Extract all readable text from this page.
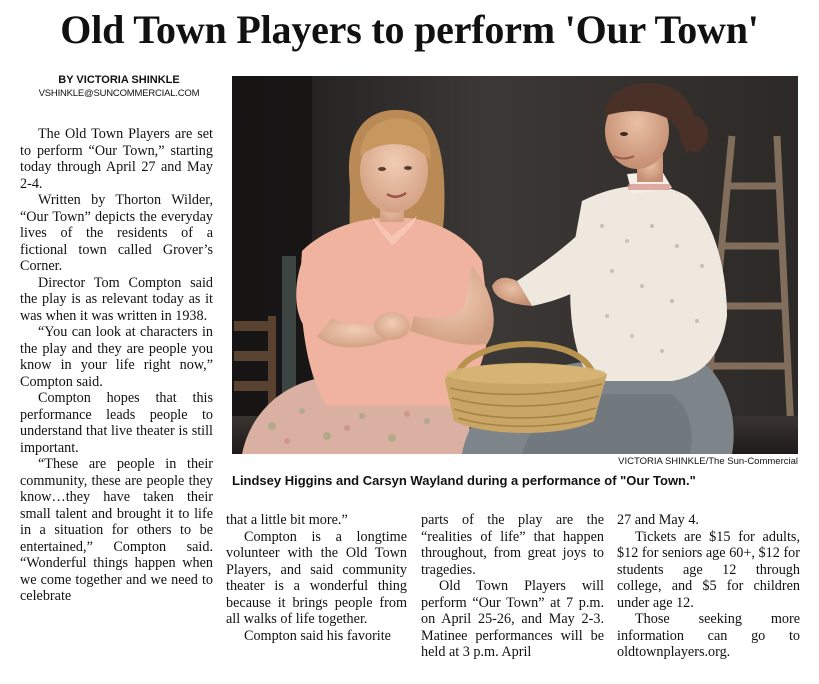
Old Town Players to perform 'Our Town'
BY VICTORIA SHINKLE
VSHINKLE@SUNCOMMERCIAL.COM

The Old Town Players are set to perform “Our Town,” starting today through April 27 and May 2-4.

Written by Thorton Wilder, “Our Town” depicts the everyday lives of the residents of a fictional town called Grover’s Corner.

Director Tom Compton said the play is as relevant today as it was when it was written in 1938.

“You can look at characters in the play and they are people you know in your life right now,” Compton said.

Compton hopes that this performance leads people to understand that live theater is still important.

“These are people in their community, these are people they know…they have taken their small talent and brought it to life in a situation for others to be entertained,” Compton said. “Wonderful things happen when we come together and we need to celebrate

VICTORIA SHINKLE/The Sun-Commercial
Lindsey Higgins and Carsyn Wayland during a performance of "Our Town."

that a little bit more.”

Compton is a longtime volunteer with the Old Town Players, and said community theater is a wonderful thing because it brings people from all walks of life together.

Compton said his favorite

parts of the play are the “realities of life” that happen throughout, from great joys to tragedies.

Old Town Players will perform “Our Town” at 7 p.m. on April 25-26, and May 2-3. Matinee performances will be held at 3 p.m. April

27 and May 4.

Tickets are $15 for adults, $12 for seniors age 60+, $12 for students age 12 through college, and $5 for children under age 12.

Those seeking more information can go to oldtownplayers.org.
